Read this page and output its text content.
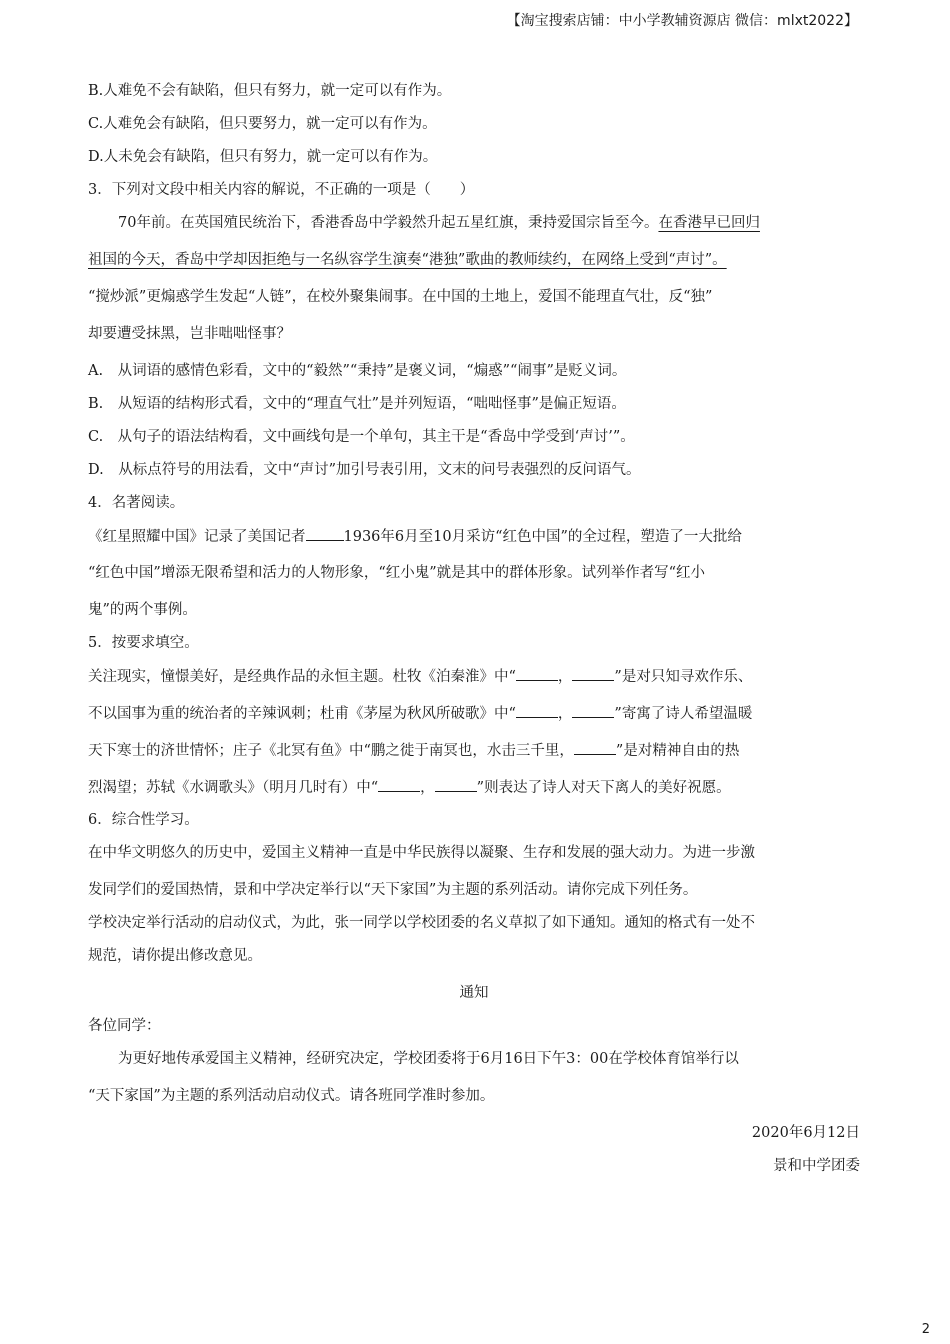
【淘宝搜索店铺：中小学教辅资源店 微信：mlxt2022】
B.人难免不会有缺陷，但只有努力，就一定可以有作为。
C.人难免会有缺陷，但只要努力，就一定可以有作为。
D.人未免会有缺陷，但只有努力，就一定可以有作为。
3．下列对文段中相关内容的解说，不正确的一项是（　　）
70年前。在英国殖民统治下，香港香岛中学毅然升起五星红旗，秉持爱国宗旨至今。在香港早已回归
祖国的今天，香岛中学却因拒绝与一名纵容学生演奏“港独”歌曲的教师续约，在网络上受到“声讨”。
“搅炒派”更煽惑学生发起“人链”，在校外聚集闹事。在中国的土地上，爱国不能理直气壮，反“独”
却要遭受抹黑，岂非咄咄怪事？
A.　从词语的感情色彩看，文中的“毅然”“秉持”是褒义词，“煽惑”“闹事”是贬义词。
B.　从短语的结构形式看，文中的“理直气壮”是并列短语，“咄咄怪事”是偏正短语。
C.　从句子的语法结构看，文中画线句是一个单句，其主干是“香岛中学受到‘声讨’”。
D.　从标点符号的用法看，文中“声讨”加引号表引用，文末的问号表强烈的反问语气。
4．名著阅读。
《红星照耀中国》记录了美国记者	1936年6月至10月采访“红色中国”的全过程，塑造了一大批给
“红色中国”增添无限希望和活力的人物形象，“红小鬼”就是其中的群体形象。试列举作者写“红小
鬼”的两个事例。
5．按要求填空。
关注现实，憧憬美好，是经典作品的永恒主题。杜牧《泊秦淮》中“	，	”是对只知寻欢作乐、
不以国事为重的统治者的辛辣讽刺；杜甫《茅屋为秋风所破歌》中“	，	”寄寓了诗人希望温暖
天下寒士的济世情怀；庄子《北冥有鱼》中“鹏之徙于南冥也，水击三千里，	”是对精神自由的热
烈渴望；苏轼《水调歌头》（明月几时有）中“	，	”则表达了诗人对天下离人的美好祝愿。
6．综合性学习。
在中华文明悠久的历史中，爱国主义精神一直是中华民族得以凝聚、生存和发展的强大动力。为进一步激
发同学们的爱国热情，景和中学决定举行以“天下家国”为主题的系列活动。请你完成下列任务。
学校决定举行活动的启动仪式，为此，张一同学以学校团委的名义草拟了如下通知。通知的格式有一处不
规范，请你提出修改意见。
通知
各位同学：
为更好地传承爱国主义精神，经研究决定，学校团委将于6月16日下午3：00在学校体育馆举行以
“天下家国”为主题的系列活动启动仪式。请各班同学准时参加。
2020年6月12日
景和中学团委
2
